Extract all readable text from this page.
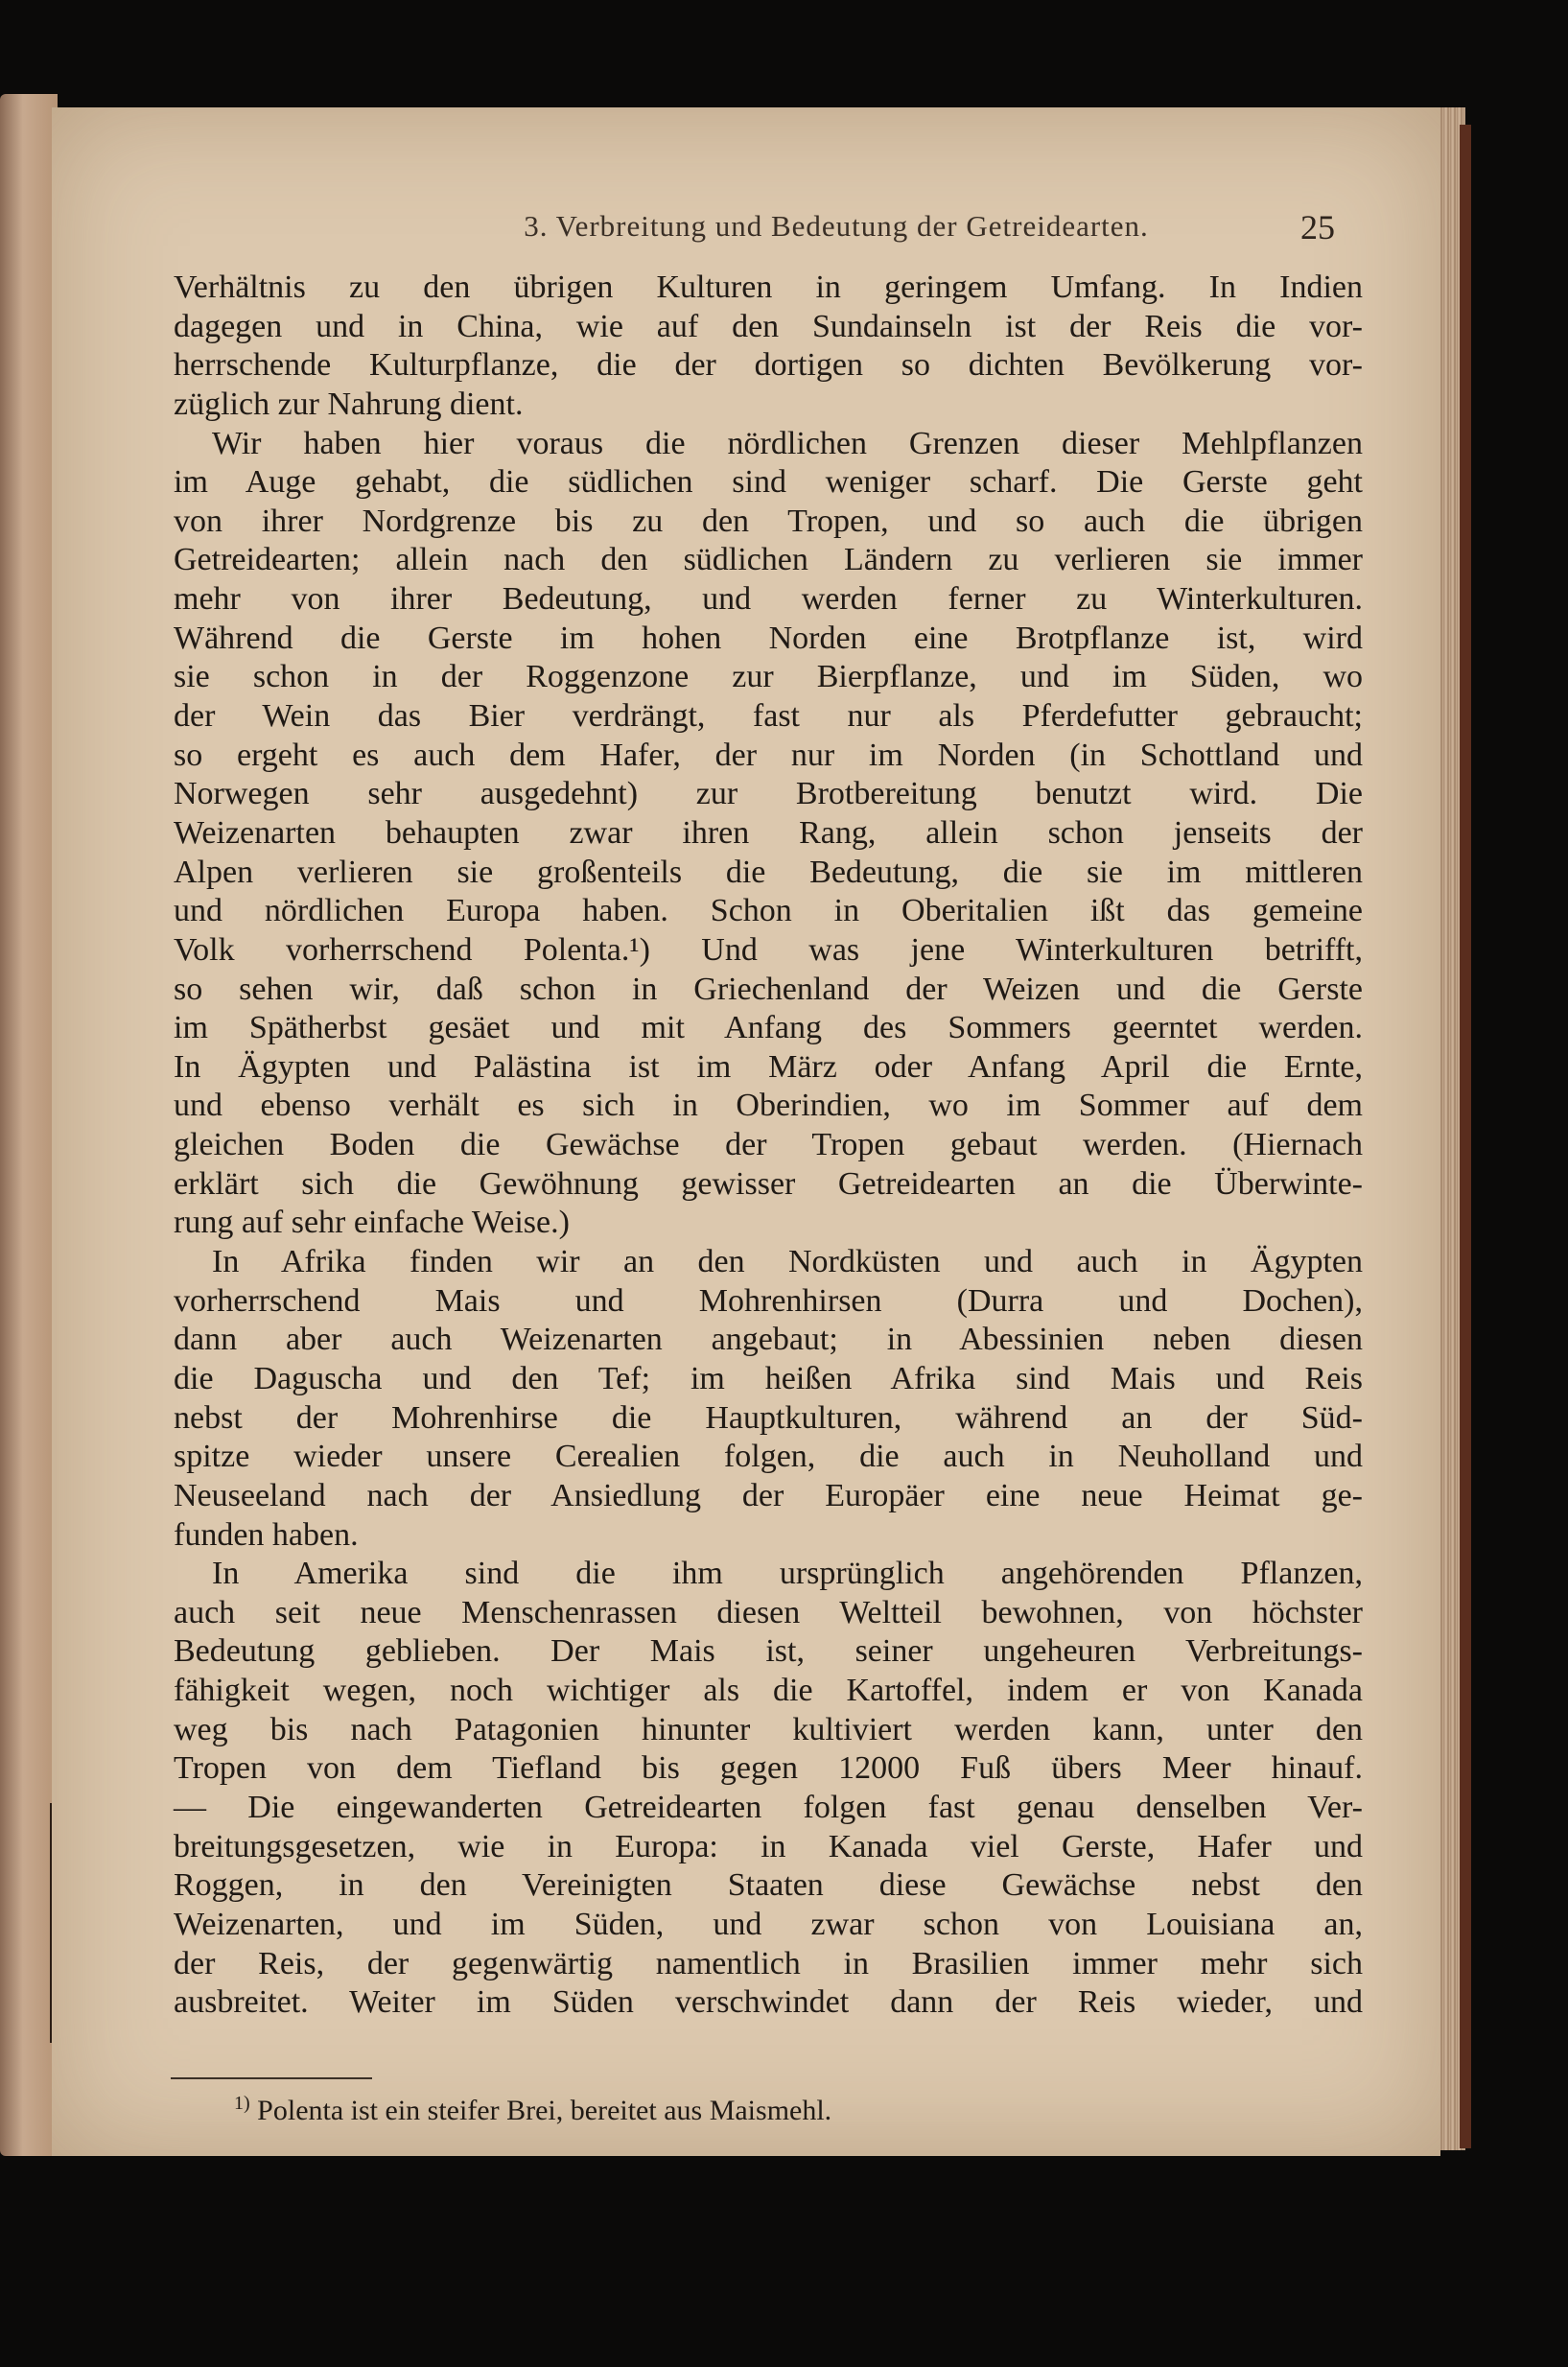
3. Verbreitung und Bedeutung der Getreidearten.	25
Verhältnis zu den übrigen Kulturen in geringem Umfang. In Indien
dagegen und in China, wie auf den Sundainseln ist der Reis die vor-
herrschende Kulturpflanze, die der dortigen so dichten Bevölkerung vor-
züglich zur Nahrung dient.
Wir haben hier voraus die nördlichen Grenzen dieser Mehlpflanzen
im Auge gehabt, die südlichen sind weniger scharf. Die Gerste geht
von ihrer Nordgrenze bis zu den Tropen, und so auch die übrigen
Getreidearten; allein nach den südlichen Ländern zu verlieren sie immer
mehr von ihrer Bedeutung, und werden ferner zu Winterkulturen.
Während die Gerste im hohen Norden eine Brotpflanze ist, wird
sie schon in der Roggenzone zur Bierpflanze, und im Süden, wo
der Wein das Bier verdrängt, fast nur als Pferdefutter gebraucht;
so ergeht es auch dem Hafer, der nur im Norden (in Schottland und
Norwegen sehr ausgedehnt) zur Brotbereitung benutzt wird. Die
Weizenarten behaupten zwar ihren Rang, allein schon jenseits der
Alpen verlieren sie großenteils die Bedeutung, die sie im mittleren
und nördlichen Europa haben. Schon in Oberitalien ißt das gemeine
Volk vorherrschend Polenta.¹) Und was jene Winterkulturen betrifft,
so sehen wir, daß schon in Griechenland der Weizen und die Gerste
im Spätherbst gesäet und mit Anfang des Sommers geerntet werden.
In Ägypten und Palästina ist im März oder Anfang April die Ernte,
und ebenso verhält es sich in Oberindien, wo im Sommer auf dem
gleichen Boden die Gewächse der Tropen gebaut werden. (Hiernach
erklärt sich die Gewöhnung gewisser Getreidearten an die Überwinte-
rung auf sehr einfache Weise.)
In Afrika finden wir an den Nordküsten und auch in Ägypten
vorherrschend Mais und Mohrenhirsen (Durra und Dochen),
dann aber auch Weizenarten angebaut; in Abessinien neben diesen
die Daguscha und den Tef; im heißen Afrika sind Mais und Reis
nebst der Mohrenhirse die Hauptkulturen, während an der Süd-
spitze wieder unsere Cerealien folgen, die auch in Neuholland und
Neuseeland nach der Ansiedlung der Europäer eine neue Heimat ge-
funden haben.
In Amerika sind die ihm ursprünglich angehörenden Pflanzen,
auch seit neue Menschenrassen diesen Weltteil bewohnen, von höchster
Bedeutung geblieben. Der Mais ist, seiner ungeheuren Verbreitungs-
fähigkeit wegen, noch wichtiger als die Kartoffel, indem er von Kanada
weg bis nach Patagonien hinunter kultiviert werden kann, unter den
Tropen von dem Tiefland bis gegen 12000 Fuß übers Meer hinauf.
— Die eingewanderten Getreidearten folgen fast genau denselben Ver-
breitungsgesetzen, wie in Europa: in Kanada viel Gerste, Hafer und
Roggen, in den Vereinigten Staaten diese Gewächse nebst den
Weizenarten, und im Süden, und zwar schon von Louisiana an,
der Reis, der gegenwärtig namentlich in Brasilien immer mehr sich
ausbreitet. Weiter im Süden verschwindet dann der Reis wieder, und
$^{1)}$ Polenta ist ein steifer Brei, bereitet aus Maismehl.
